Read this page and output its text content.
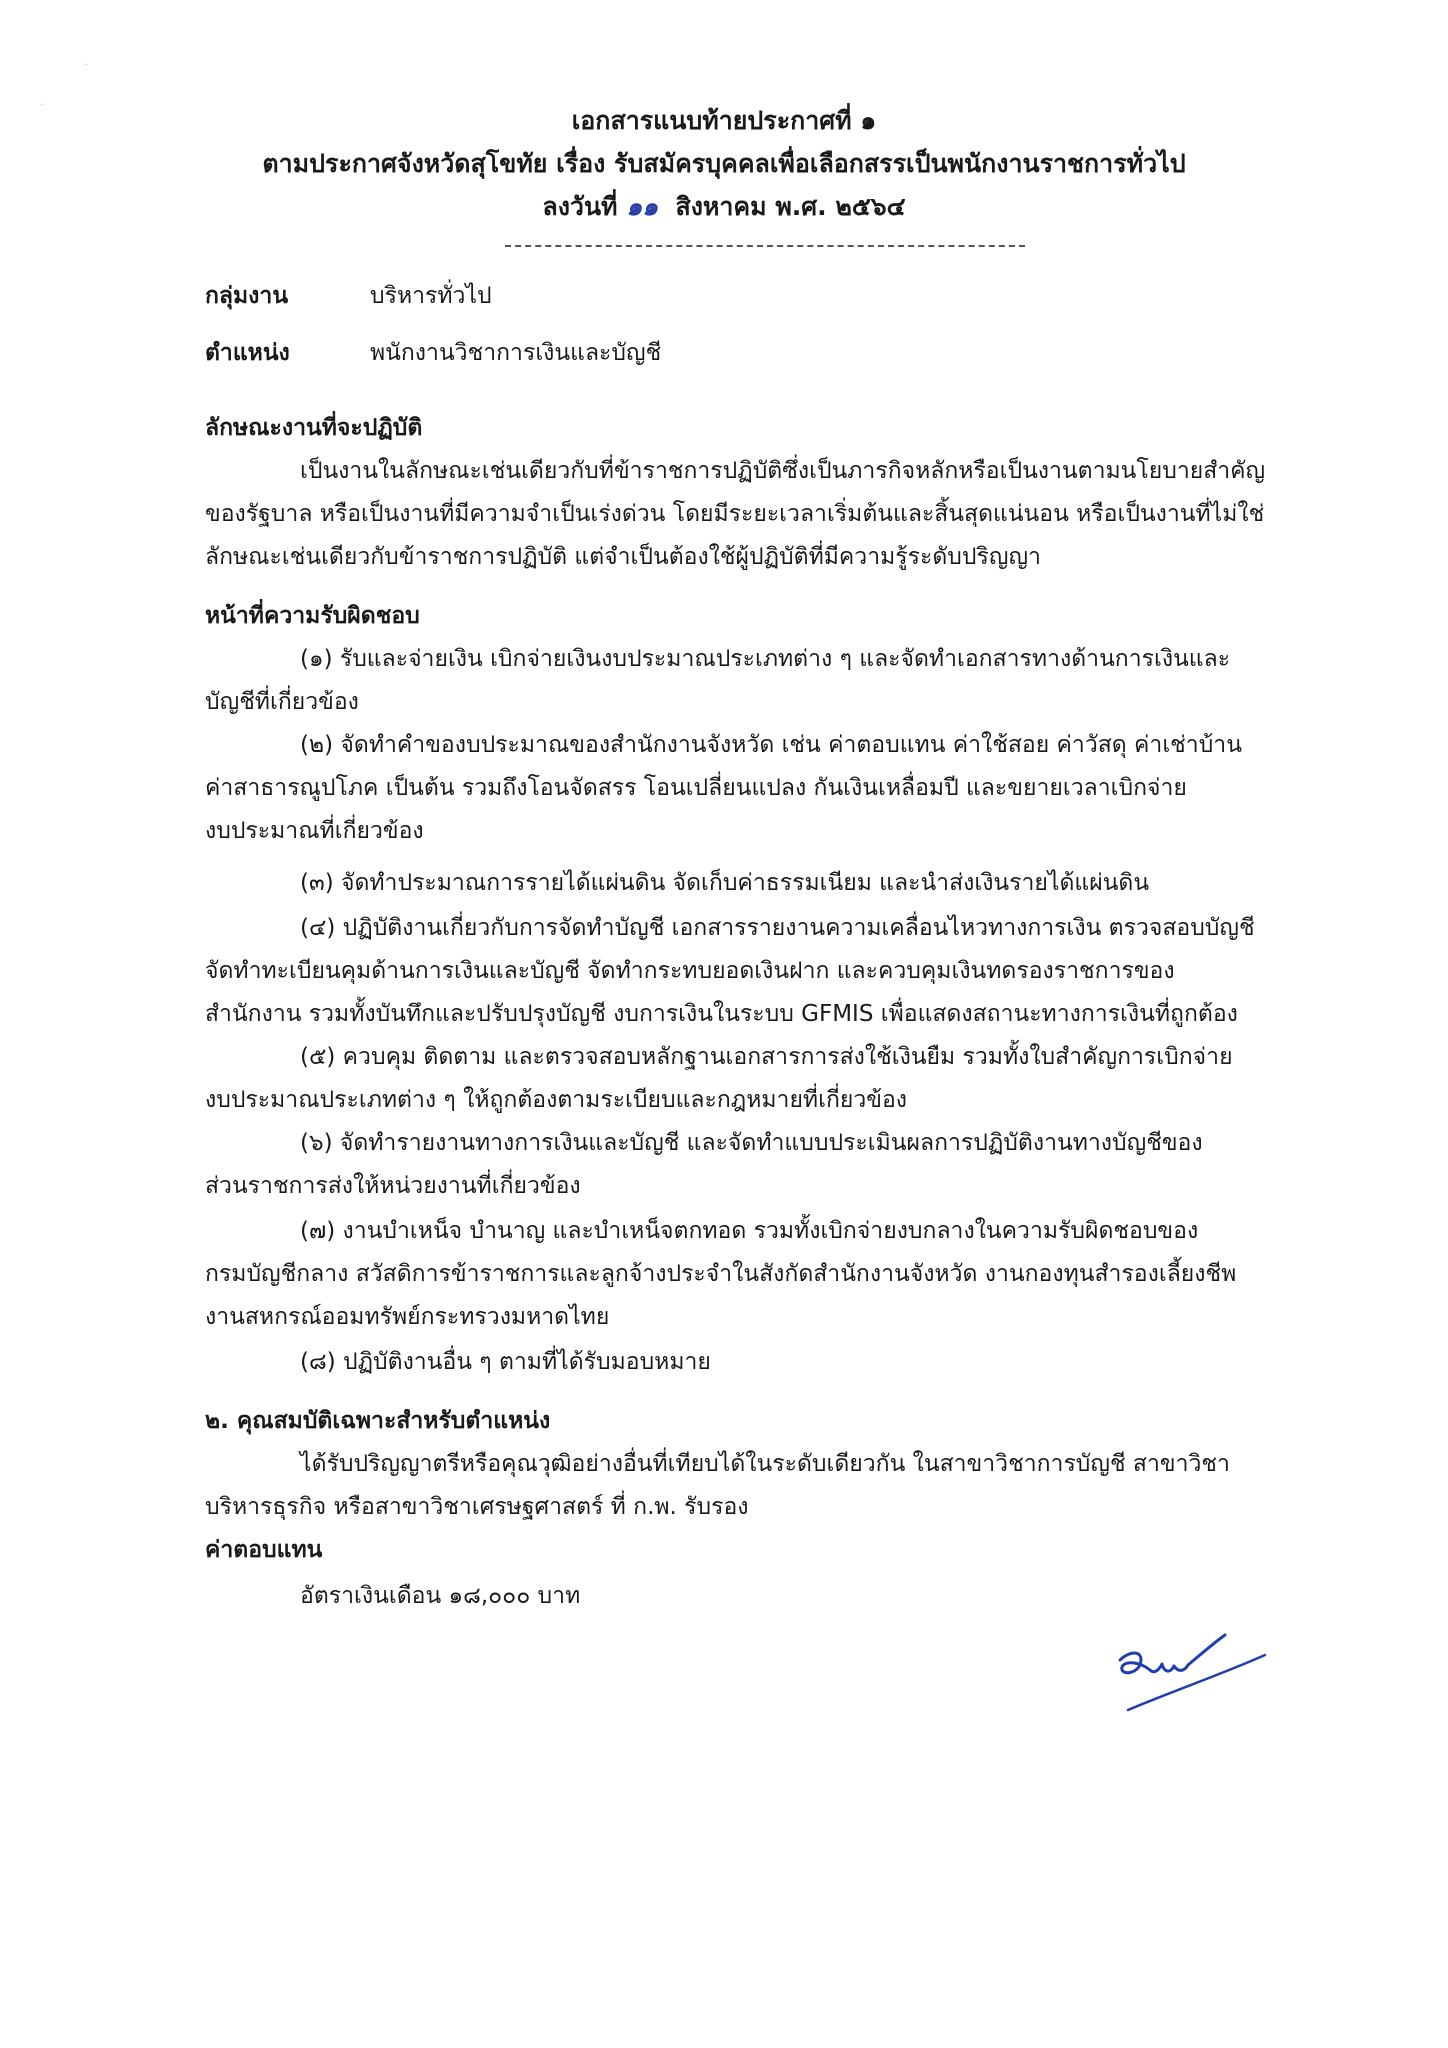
·
·
เอกสารแนบท้ายประกาศที่ ๑
ตามประกาศจังหวัดสุโขทัย เรื่อง รับสมัครบุคคลเพื่อเลือกสรรเป็นพนักงานราชการทั่วไป
ลงวันที่ ๑๑ สิงหาคม พ.ศ. ๒๕๖๔
กลุ่มงาน	บริหารทั่วไป
ตำแหน่ง	พนักงานวิชาการเงินและบัญชี
ลักษณะงานที่จะปฏิบัติ
เป็นงานในลักษณะเช่นเดียวกับที่ข้าราชการปฏิบัติซึ่งเป็นภารกิจหลักหรือเป็นงานตามนโยบายสำคัญ
ของรัฐบาล หรือเป็นงานที่มีความจำเป็นเร่งด่วน โดยมีระยะเวลาเริ่มต้นและสิ้นสุดแน่นอน หรือเป็นงานที่ไม่ใช่
ลักษณะเช่นเดียวกับข้าราชการปฏิบัติ แต่จำเป็นต้องใช้ผู้ปฏิบัติที่มีความรู้ระดับปริญญา
หน้าที่ความรับผิดชอบ
(๑) รับและจ่ายเงิน เบิกจ่ายเงินงบประมาณประเภทต่าง ๆ และจัดทำเอกสารทางด้านการเงินและ
บัญชีที่เกี่ยวข้อง
(๒) จัดทำคำของบประมาณของสำนักงานจังหวัด เช่น ค่าตอบแทน ค่าใช้สอย ค่าวัสดุ ค่าเช่าบ้าน
ค่าสาธารณูปโภค เป็นต้น รวมถึงโอนจัดสรร โอนเปลี่ยนแปลง กันเงินเหลื่อมปี และขยายเวลาเบิกจ่าย
งบประมาณที่เกี่ยวข้อง
(๓) จัดทำประมาณการรายได้แผ่นดิน จัดเก็บค่าธรรมเนียม และนำส่งเงินรายได้แผ่นดิน
(๔) ปฏิบัติงานเกี่ยวกับการจัดทำบัญชี เอกสารรายงานความเคลื่อนไหวทางการเงิน ตรวจสอบบัญชี
จัดทำทะเบียนคุมด้านการเงินและบัญชี จัดทำกระทบยอดเงินฝาก และควบคุมเงินทดรองราชการของ
สำนักงาน รวมทั้งบันทึกและปรับปรุงบัญชี งบการเงินในระบบ GFMIS เพื่อแสดงสถานะทางการเงินที่ถูกต้อง
(๕) ควบคุม ติดตาม และตรวจสอบหลักฐานเอกสารการส่งใช้เงินยืม รวมทั้งใบสำคัญการเบิกจ่าย
งบประมาณประเภทต่าง ๆ ให้ถูกต้องตามระเบียบและกฎหมายที่เกี่ยวข้อง
(๖) จัดทำรายงานทางการเงินและบัญชี และจัดทำแบบประเมินผลการปฏิบัติงานทางบัญชีของ
ส่วนราชการส่งให้หน่วยงานที่เกี่ยวข้อง
(๗) งานบำเหน็จ บำนาญ และบำเหน็จตกทอด รวมทั้งเบิกจ่ายงบกลางในความรับผิดชอบของ
กรมบัญชีกลาง สวัสดิการข้าราชการและลูกจ้างประจำในสังกัดสำนักงานจังหวัด งานกองทุนสำรองเลี้ยงชีพ
งานสหกรณ์ออมทรัพย์กระทรวงมหาดไทย
(๘) ปฏิบัติงานอื่น ๆ ตามที่ได้รับมอบหมาย
๒. คุณสมบัติเฉพาะสำหรับตำแหน่ง
ได้รับปริญญาตรีหรือคุณวุฒิอย่างอื่นที่เทียบได้ในระดับเดียวกัน ในสาขาวิชาการบัญชี สาขาวิชา
บริหารธุรกิจ หรือสาขาวิชาเศรษฐศาสตร์ ที่ ก.พ. รับรอง
ค่าตอบแทน
อัตราเงินเดือน ๑๘,๐๐๐ บาท
